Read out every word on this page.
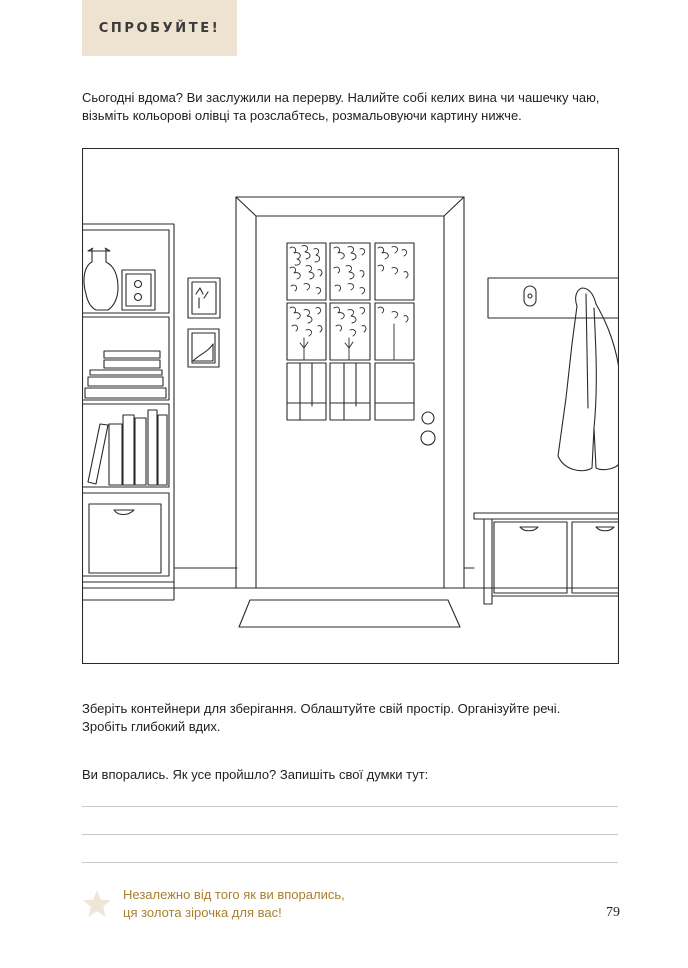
СПРОБУЙТЕ!
Сьогодні вдома? Ви заслужили на перерву. Налийте собі келих вина чи чашечку чаю,
візьміть кольорові олівці та розслабтесь, розмальовуючи картину нижче.
Зберіть контейнери для зберігання. Облаштуйте свій простір. Організуйте речі.
Зробіть глибокий вдих.
Ви впорались. Як усе пройшло? Запишіть свої думки тут:
Незалежно від того як ви впорались,
ця золота зірочка для вас!	79
